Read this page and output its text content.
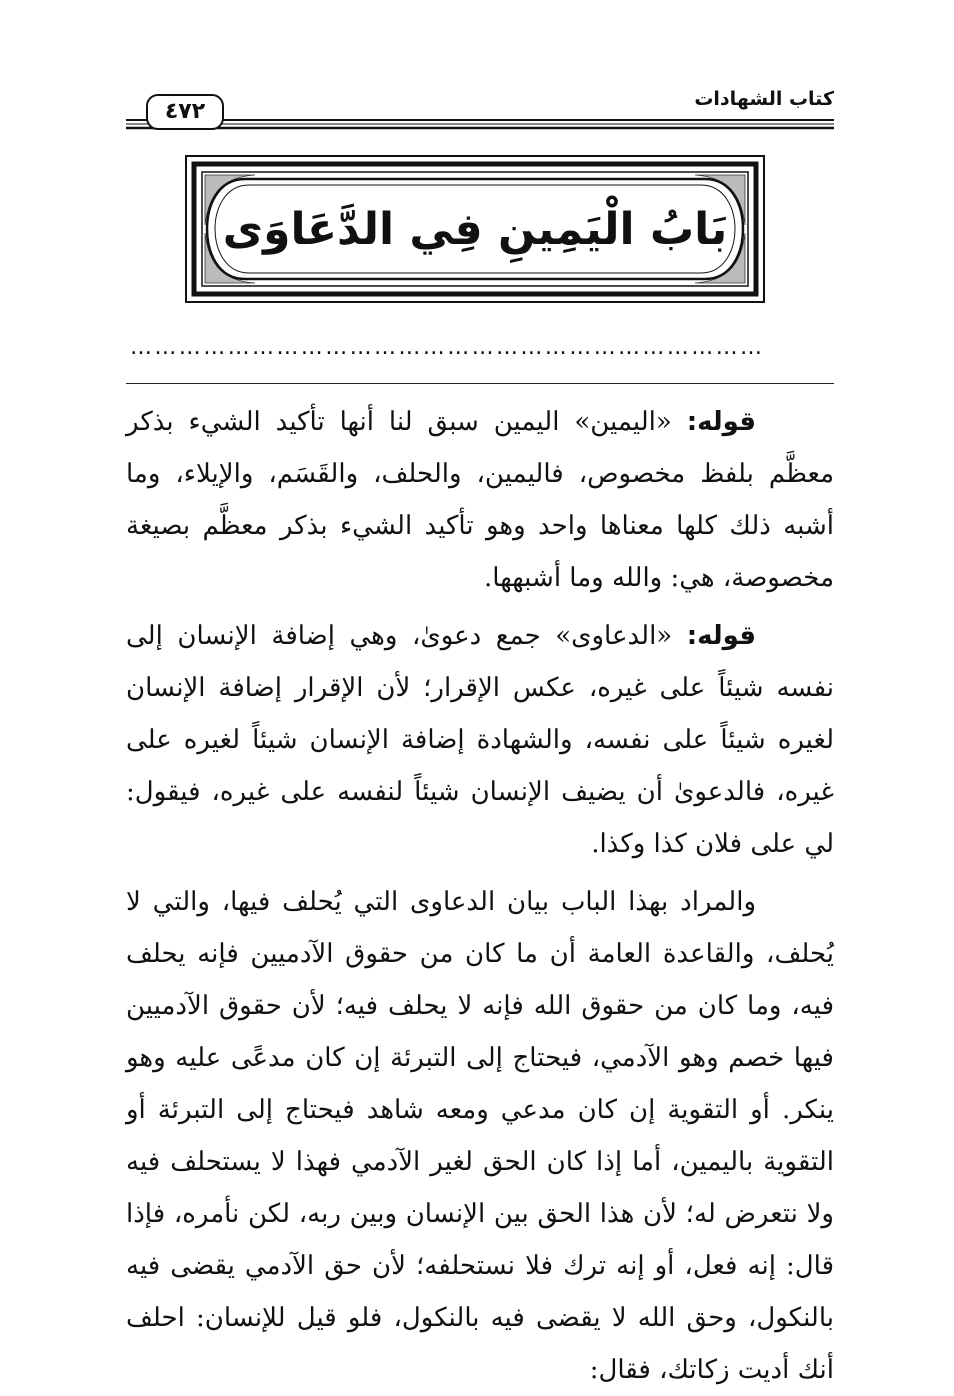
كتاب الشهادات
٤٧٢
بَابُ الْيَمِينِ فِي الدَّعَاوَى
……………………………………………………………………

قوله: «اليمين» اليمين سبق لنا أنها تأكيد الشيء بذكر معظَّم بلفظ مخصوص، فاليمين، والحلف، والقَسَم، والإيلاء، وما أشبه ذلك كلها معناها واحد وهو تأكيد الشيء بذكر معظَّم بصيغة مخصوصة، هي: والله وما أشبهها.

قوله: «الدعاوى» جمع دعوىٰ، وهي إضافة الإنسان إلى نفسه شيئاً على غيره، عكس الإقرار؛ لأن الإقرار إضافة الإنسان لغيره شيئاً على نفسه، والشهادة إضافة الإنسان شيئاً لغيره على غيره، فالدعوىٰ أن يضيف الإنسان شيئاً لنفسه على غيره، فيقول: لي على فلان كذا وكذا.

والمراد بهذا الباب بيان الدعاوى التي يُحلف فيها، والتي لا يُحلف، والقاعدة العامة أن ما كان من حقوق الآدميين فإنه يحلف فيه، وما كان من حقوق الله فإنه لا يحلف فيه؛ لأن حقوق الآدميين فيها خصم وهو الآدمي، فيحتاج إلى التبرئة إن كان مدعًى عليه وهو ينكر. أو التقوية إن كان مدعي ومعه شاهد فيحتاج إلى التبرئة أو التقوية باليمين، أما إذا كان الحق لغير الآدمي فهذا لا يستحلف فيه ولا نتعرض له؛ لأن هذا الحق بين الإنسان وبين ربه، لكن نأمره، فإذا قال: إنه فعل، أو إنه ترك فلا نستحلفه؛ لأن حق الآدمي يقضى فيه بالنكول، وحق الله لا يقضى فيه بالنكول، فلو قيل للإنسان: احلف أنك أديت زكاتك، فقال:
